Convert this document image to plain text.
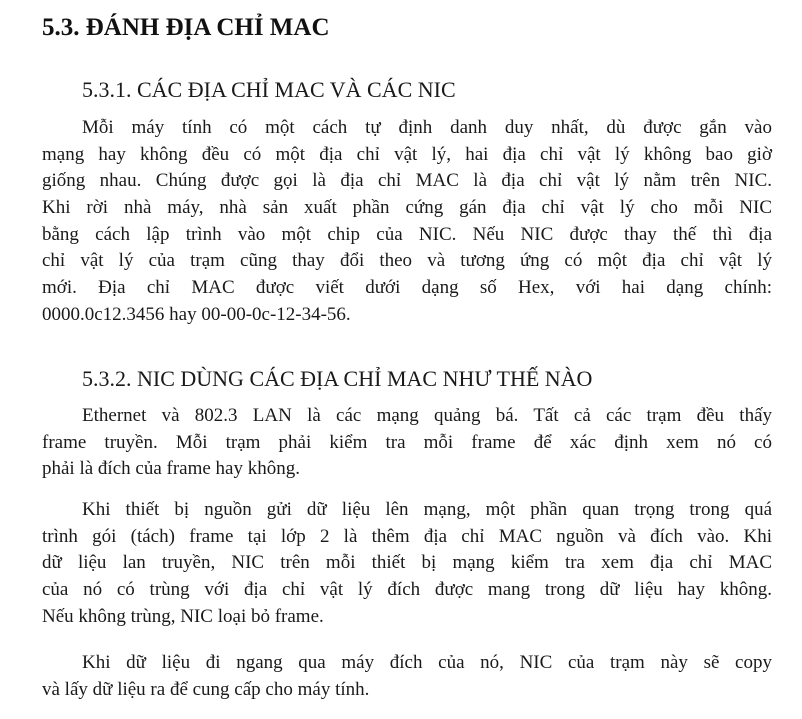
5.3. ĐÁNH ĐỊA CHỈ MAC
5.3.1. CÁC ĐỊA CHỈ MAC VÀ CÁC NIC
Mỗi máy tính có một cách tự định danh duy nhất, dù được gắn vào
mạng hay không đều có một địa chỉ vật lý, hai địa chỉ vật lý không bao giờ
giống nhau. Chúng được gọi là địa chỉ MAC là địa chỉ vật lý nằm trên NIC.
Khi rời nhà máy, nhà sản xuất phần cứng gán địa chỉ vật lý cho mỗi NIC
bằng cách lập trình vào một chip của NIC. Nếu NIC được thay thế thì địa
chỉ vật lý của trạm cũng thay đổi theo và tương ứng có một địa chỉ vật lý
mới. Địa chỉ MAC được viết dưới dạng số Hex, với hai dạng chính:
0000.0c12.3456 hay 00-00-0c-12-34-56.
5.3.2. NIC DÙNG CÁC ĐỊA CHỈ MAC NHƯ THẾ NÀO
Ethernet và 802.3 LAN là các mạng quảng bá. Tất cả các trạm đều thấy
frame truyền. Mỗi trạm phải kiểm tra mỗi frame để xác định xem nó có
phải là đích của frame hay không.
Khi thiết bị nguồn gửi dữ liệu lên mạng, một phần quan trọng trong quá
trình gói (tách) frame tại lớp 2 là thêm địa chỉ MAC nguồn và đích vào. Khi
dữ liệu lan truyền, NIC trên mỗi thiết bị mạng kiểm tra xem địa chỉ MAC
của nó có trùng với địa chỉ vật lý đích được mang trong dữ liệu hay không.
Nếu không trùng, NIC loại bỏ frame.
Khi dữ liệu đi ngang qua máy đích của nó, NIC của trạm này sẽ copy
và lấy dữ liệu ra để cung cấp cho máy tính.
